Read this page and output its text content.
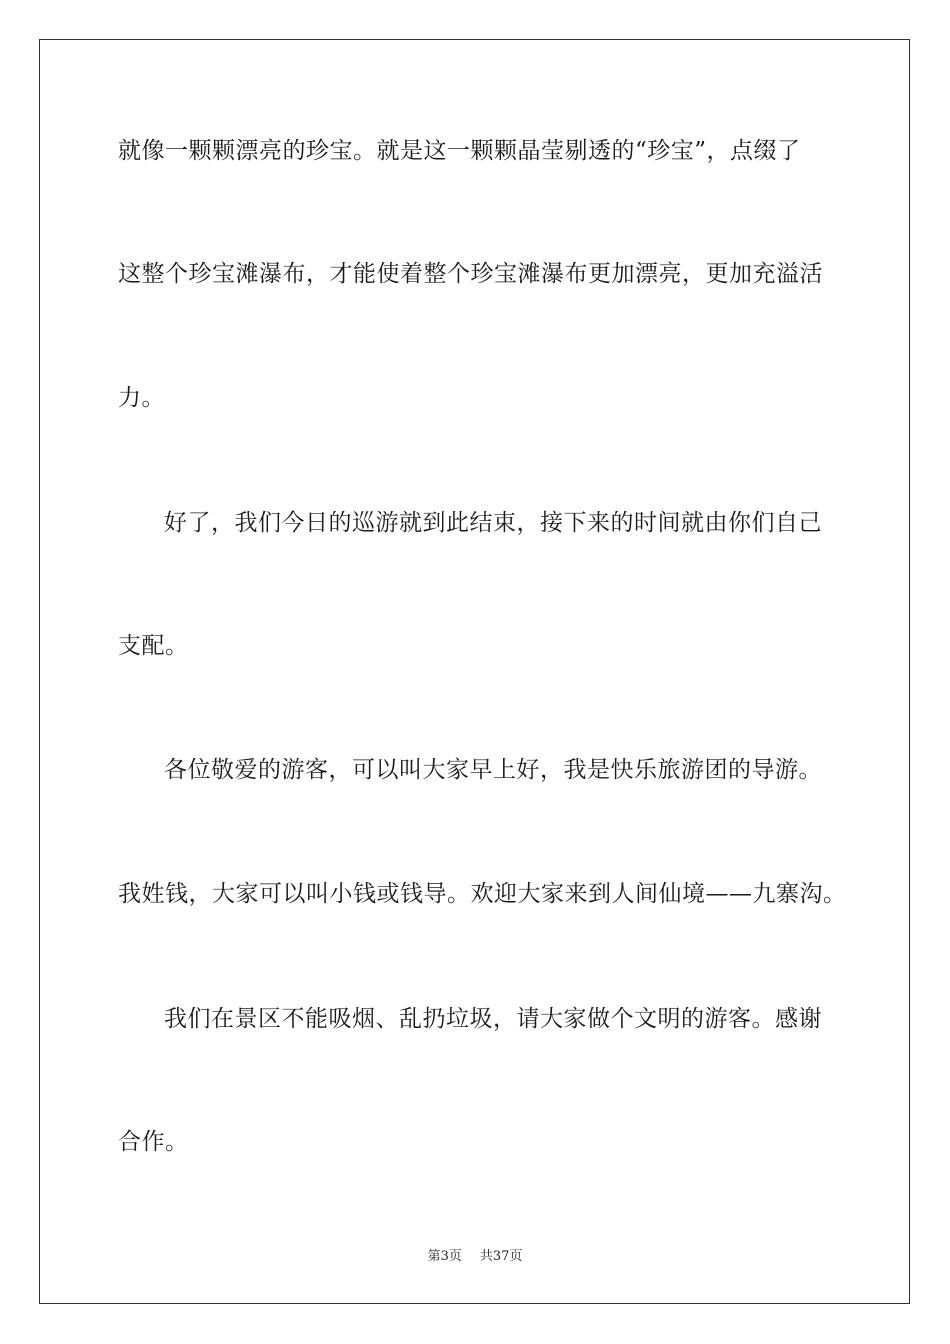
就像一颗颗漂亮的珍宝。就是这一颗颗晶莹剔透的“珍宝”，点缀了
这整个珍宝滩瀑布，才能使着整个珍宝滩瀑布更加漂亮，更加充溢活
力。
好了，我们今日的巡游就到此结束，接下来的时间就由你们自己
支配。
各位敬爱的游客，可以叫大家早上好，我是快乐旅游团的导游。
我姓钱，大家可以叫小钱或钱导。欢迎大家来到人间仙境——九寨沟。
我们在景区不能吸烟、乱扔垃圾，请大家做个文明的游客。感谢
合作。
第3页 共37页
